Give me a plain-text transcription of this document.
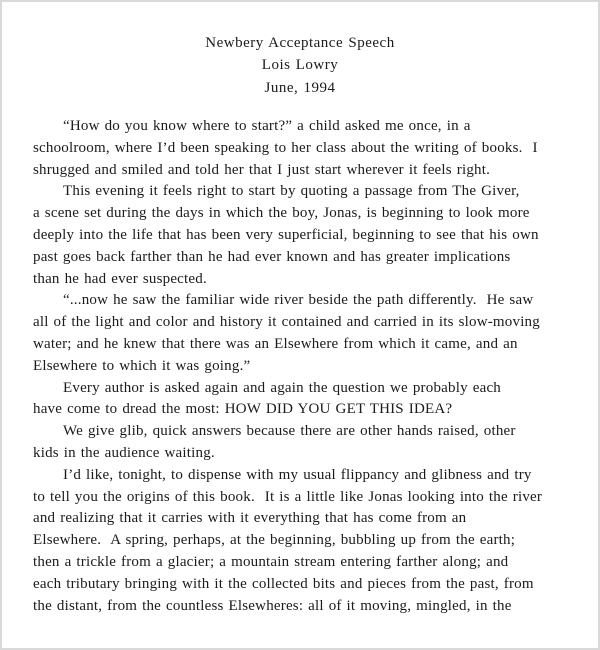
Newbery Acceptance Speech
Lois Lowry
June, 1994
“How do you know where to start?” a child asked me once, in a
schoolroom, where I’d been speaking to her class about the writing of books.  I
shrugged and smiled and told her that I just start wherever it feels right.
This evening it feels right to start by quoting a passage from The Giver,
a scene set during the days in which the boy, Jonas, is beginning to look more
deeply into the life that has been very superficial, beginning to see that his own
past goes back farther than he had ever known and has greater implications
than he had ever suspected.
“...now he saw the familiar wide river beside the path differently.  He saw
all of the light and color and history it contained and carried in its slow-moving
water; and he knew that there was an Elsewhere from which it came, and an
Elsewhere to which it was going.”
Every author is asked again and again the question we probably each
have come to dread the most: HOW DID YOU GET THIS IDEA?
We give glib, quick answers because there are other hands raised, other
kids in the audience waiting.
I’d like, tonight, to dispense with my usual flippancy and glibness and try
to tell you the origins of this book.  It is a little like Jonas looking into the river
and realizing that it carries with it everything that has come from an
Elsewhere.  A spring, perhaps, at the beginning, bubbling up from the earth;
then a trickle from a glacier; a mountain stream entering farther along; and
each tributary bringing with it the collected bits and pieces from the past, from
the distant, from the countless Elsewheres: all of it moving, mingled, in the
